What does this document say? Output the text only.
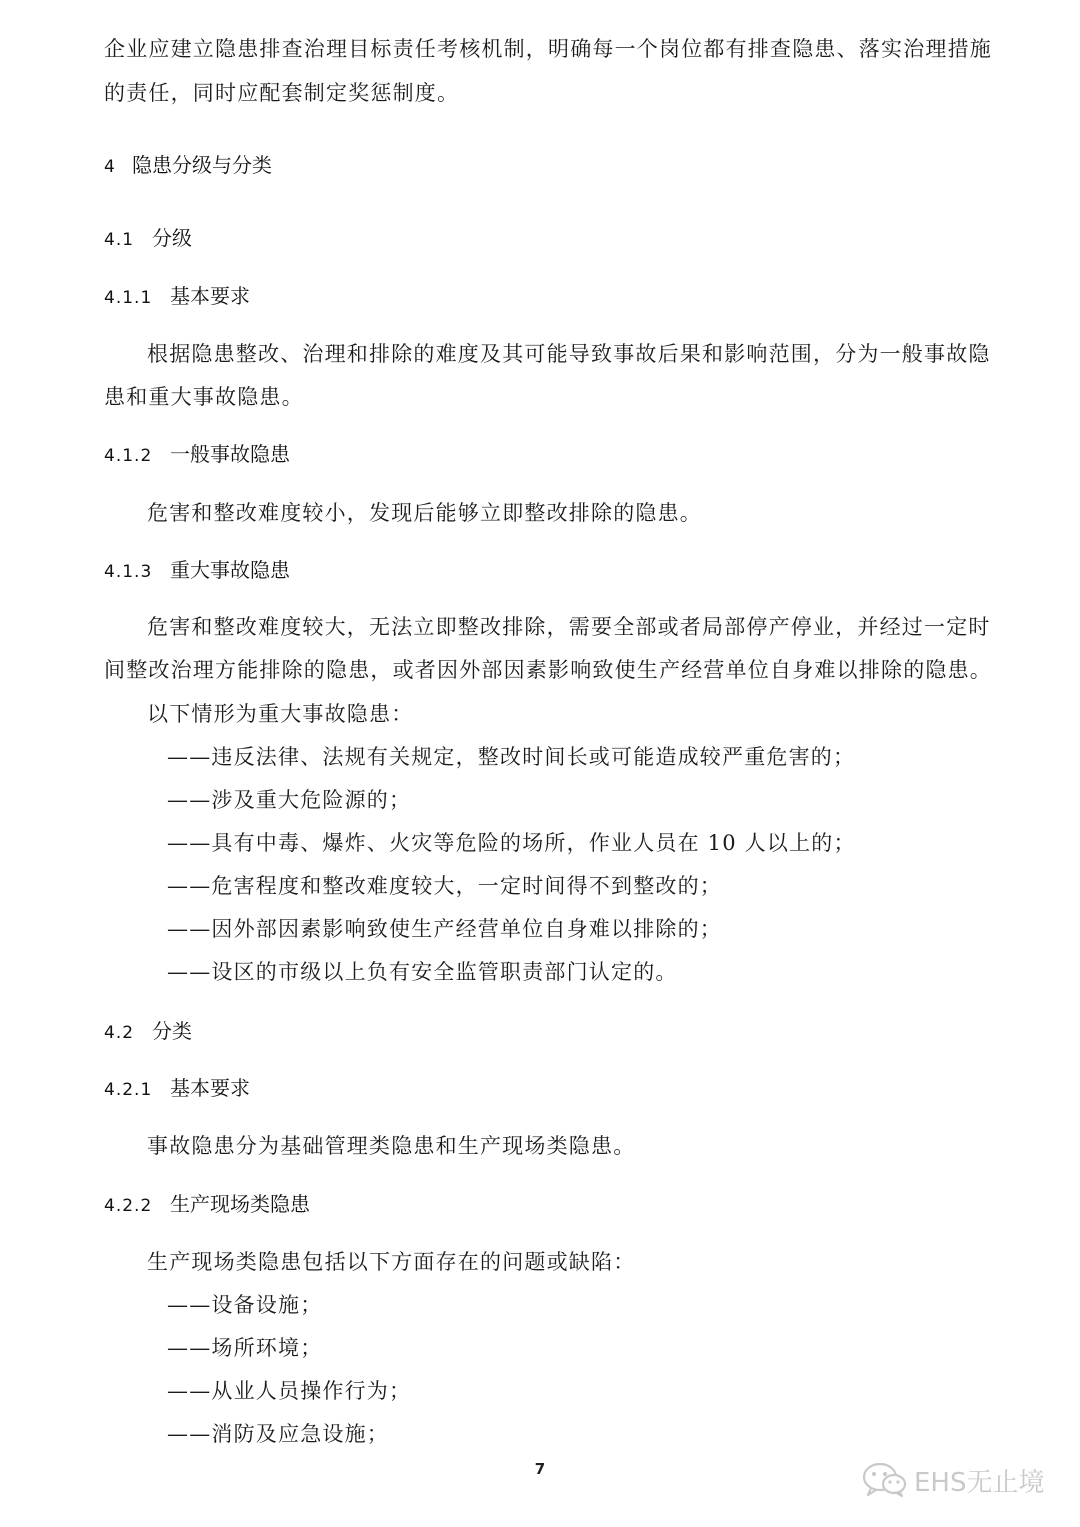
企业应建立隐患排查治理目标责任考核机制，明确每一个岗位都有排查隐患、落实治理措施
的责任，同时应配套制定奖惩制度。
4 隐患分级与分类
4.1 分级
4.1.1 基本要求
根据隐患整改、治理和排除的难度及其可能导致事故后果和影响范围，分为一般事故隐
患和重大事故隐患。
4.1.2 一般事故隐患
危害和整改难度较小，发现后能够立即整改排除的隐患。
4.1.3 重大事故隐患
危害和整改难度较大，无法立即整改排除，需要全部或者局部停产停业，并经过一定时
间整改治理方能排除的隐患，或者因外部因素影响致使生产经营单位自身难以排除的隐患。
以下情形为重大事故隐患：
——违反法律、法规有关规定，整改时间长或可能造成较严重危害的；
——涉及重大危险源的；
——具有中毒、爆炸、火灾等危险的场所，作业人员在 10 人以上的；
——危害程度和整改难度较大，一定时间得不到整改的；
——因外部因素影响致使生产经营单位自身难以排除的；
——设区的市级以上负有安全监管职责部门认定的。
4.2 分类
4.2.1 基本要求
事故隐患分为基础管理类隐患和生产现场类隐患。
4.2.2 生产现场类隐患
生产现场类隐患包括以下方面存在的问题或缺陷：
——设备设施；
——场所环境；
——从业人员操作行为；
——消防及应急设施；
7	EHS无止境
